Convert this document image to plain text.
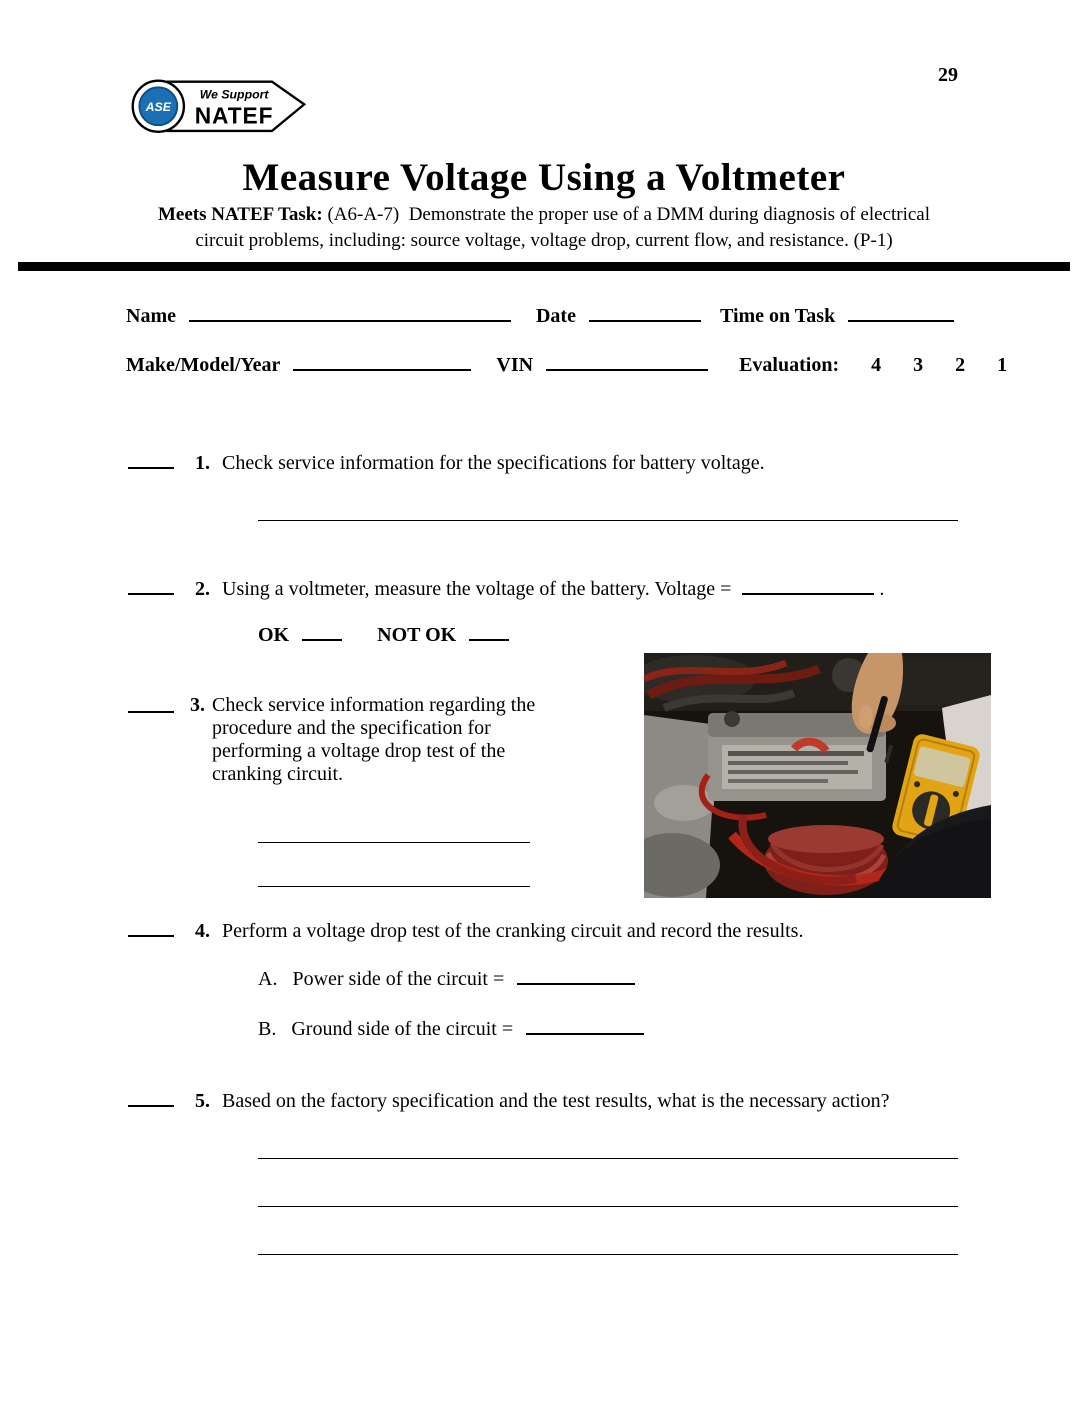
29
ASE
We Support
NATEF
Measure Voltage Using a Voltmeter
Meets NATEF Task: (A6-A-7) Demonstrate the proper use of a DMM during diagnosis of electrical
circuit problems, including: source voltage, voltage drop, current flow, and resistance. (P-1)
Name	Date	Time on Task
Make/Model/Year	VIN	Evaluation: 4 3 2 1
1. Check service information for the specifications for battery voltage.
2. Using a voltmeter, measure the voltage of the battery. Voltage =	.
OK	NOT OK
3. Check service information regarding the procedure and the specification for performing a voltage drop test of the cranking circuit.
4. Perform a voltage drop test of the cranking circuit and record the results.
A. Power side of the circuit =
B. Ground side of the circuit =
5. Based on the factory specification and the test results, what is the necessary action?
